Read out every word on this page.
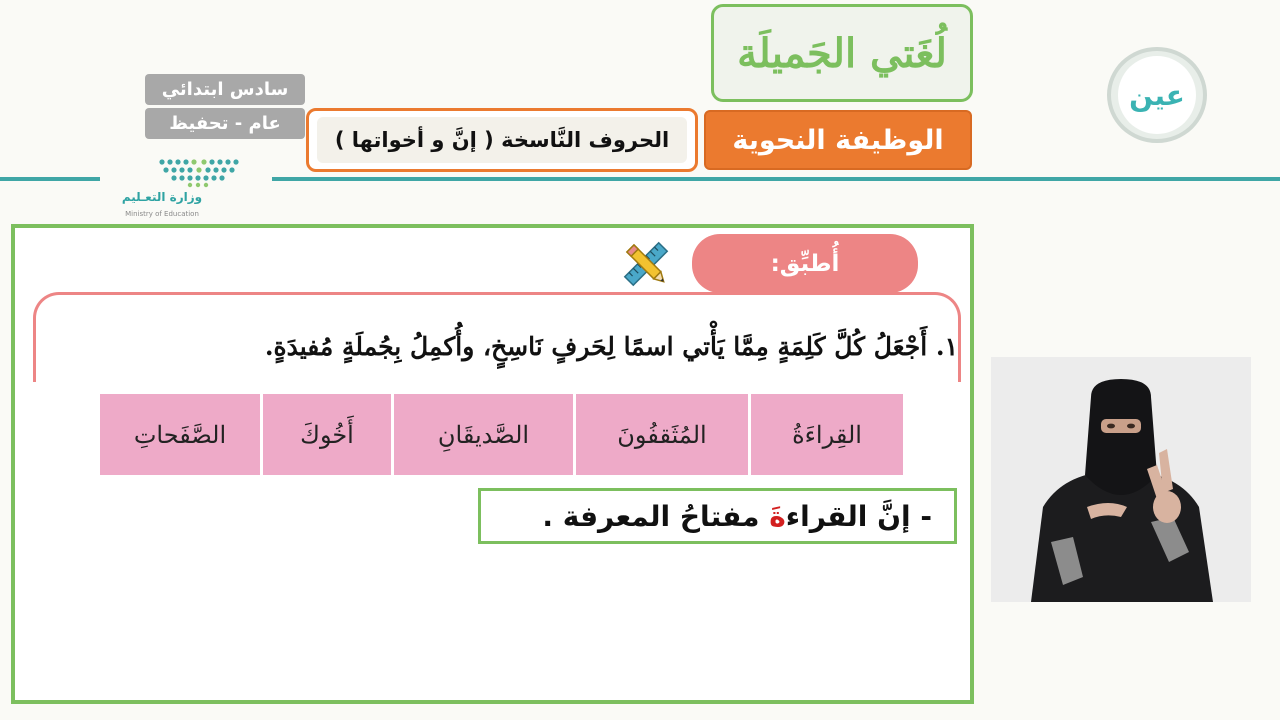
لُغَتي الجَميلَة
الوظيفة النحوية
الحروف النَّاسخة ( إنَّ و أخواتها )
سادس ابتدائي
عام - تحفيظ
وزارة التعـليم
Ministry of Education
عين
أُطبِّق:
١. أَجْعَلُ كُلَّ كَلِمَةٍ مِمَّا يَأْتي اسمًا لِحَرفٍ نَاسِخٍ، وأُكمِلُ بِجُملَةٍ مُفيدَةٍ.
القِراءَةُ
المُثَقفُونَ
الصَّديقَانِ
أَخُوكَ
الصَّفَحاتِ
- إنَّ القراءةَ مفتاحُ المعرفة .
